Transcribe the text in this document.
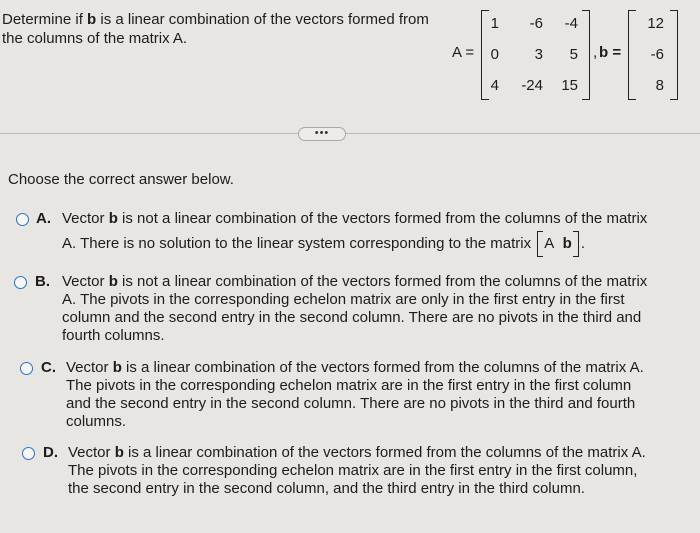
Determine if b is a linear combination of the vectors formed from the columns of the matrix A.
A =
1	-6	-4
0	3	5
4	-24	15
, b =
12
-6
8
•••
Choose the correct answer below.
A. Vector b is not a linear combination of the vectors formed from the columns of the matrix
A. There is no solution to the linear system corresponding to the matrix A b .
B. Vector b is not a linear combination of the vectors formed from the columns of the matrix A. The pivots in the corresponding echelon matrix are only in the first entry in the first column and the second entry in the second column. There are no pivots in the third and fourth columns.
C. Vector b is a linear combination of the vectors formed from the columns of the matrix A. The pivots in the corresponding echelon matrix are in the first entry in the first column and the second entry in the second column. There are no pivots in the third and fourth columns.
D. Vector b is a linear combination of the vectors formed from the columns of the matrix A. The pivots in the corresponding echelon matrix are in the first entry in the first column, the second entry in the second column, and the third entry in the third column.
